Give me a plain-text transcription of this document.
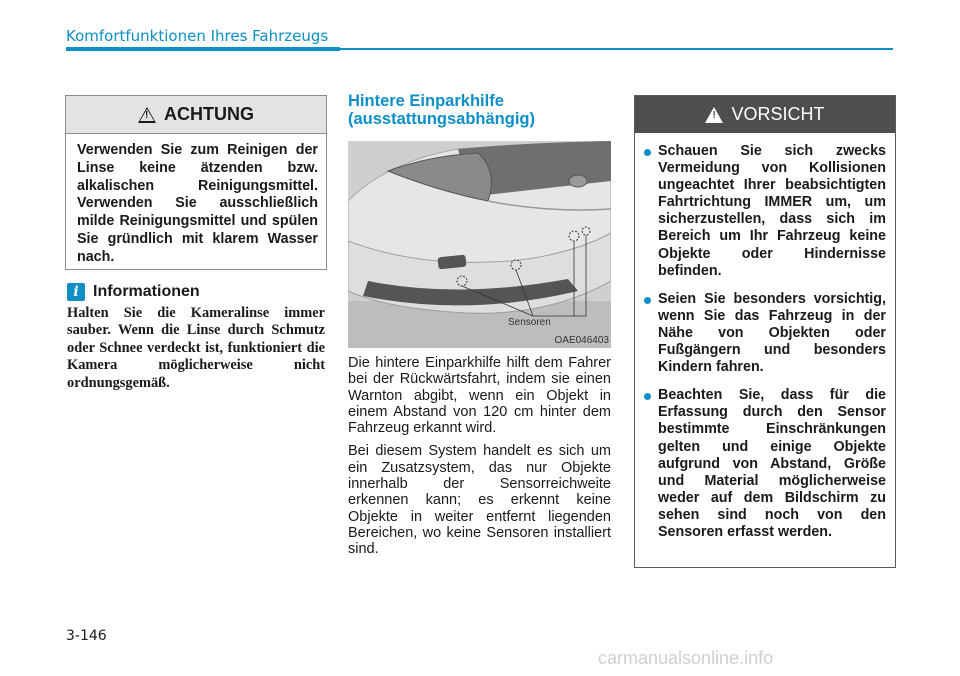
Komfortfunktionen Ihres Fahrzeugs
!
ACHTUNG
Verwenden Sie zum Reinigen der Linse keine ätzenden bzw. alkalischen Reinigungsmittel. Verwenden Sie ausschließlich milde Reinigungsmittel und spülen Sie gründlich mit klarem Wasser nach.
i Informationen
Halten Sie die Kameralinse immer sauber. Wenn die Linse durch Schmutz oder Schnee verdeckt ist, funktioniert die Kamera möglicherweise nicht ordnungsgemäß.
Hintere Einparkhilfe (ausstattungsabhängig)
Sensoren
OAE046403

Die hintere Einparkhilfe hilft dem Fahrer bei der Rückwärtsfahrt, indem sie einen Warnton abgibt, wenn ein Objekt in einem Abstand von 120 cm hinter dem Fahrzeug erkannt wird.

Bei diesem System handelt es sich um ein Zusatzsystem, das nur Objekte innerhalb der Sensorreichweite erkennen kann; es erkennt keine Objekte in weiter entfernt liegenden Bereichen, wo keine Sensoren installiert sind.

!
VORSICHT
Schauen Sie sich zwecks Vermeidung von Kollisionen ungeachtet Ihrer beabsichtigten Fahrtrichtung IMMER um, um sicherzustellen, dass sich im Bereich um Ihr Fahrzeug keine Objekte oder Hindernisse befinden.
Seien Sie besonders vorsichtig, wenn Sie das Fahrzeug in der Nähe von Objekten oder Fußgängern und besonders Kindern fahren.
Beachten Sie, dass für die Erfassung durch den Sensor bestimmte Einschränkungen gelten und einige Objekte aufgrund von Abstand, Größe und Material möglicherweise weder auf dem Bildschirm zu sehen sind noch von den Sensoren erfasst werden.
3-146
carmanualsonline.info
